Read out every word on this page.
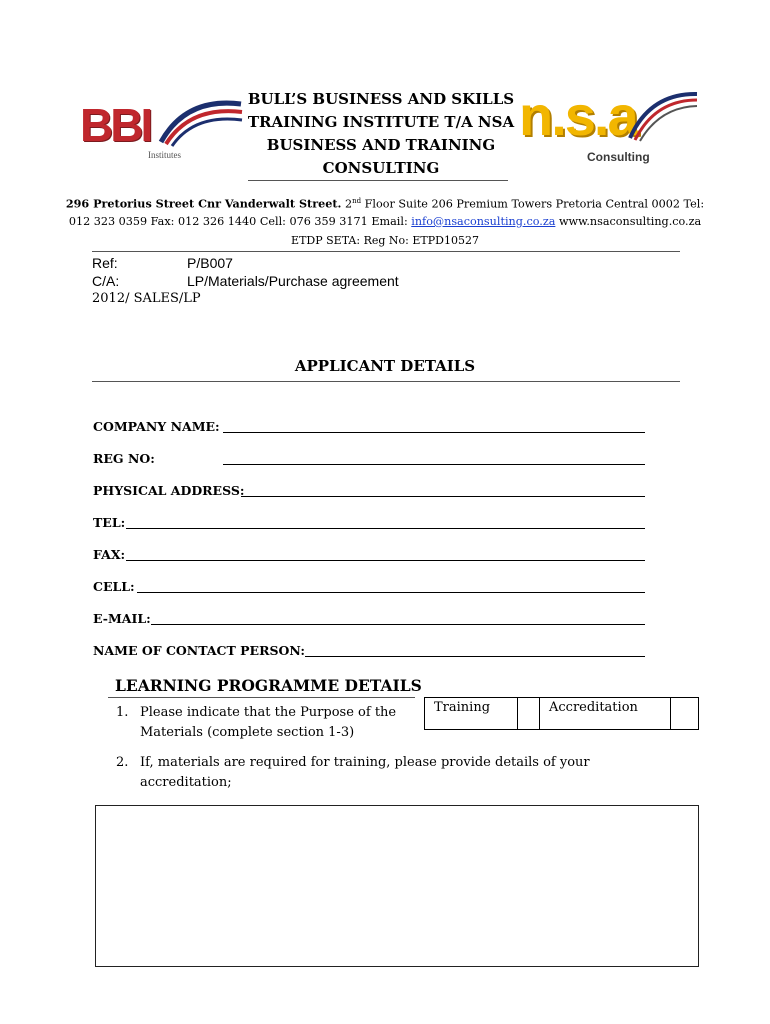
BBI
Institutes
BULL’S BUSINESS AND SKILLS
TRAINING INSTITUTE T/A NSA
BUSINESS AND TRAINING
CONSULTING
n.s.a
Consulting
296 Pretorius Street Cnr Vanderwalt Street. 2nd Floor Suite 206 Premium Towers Pretoria Central 0002 Tel:
012 323 0359 Fax: 012 326 1440 Cell: 076 359 3171 Email: info@nsaconsulting.co.za www.nsaconsulting.co.za
ETDP SETA: Reg No: ETPD10527
Ref:	P/B007
C/A:	LP/Materials/Purchase agreement
2012/ SALES/LP
APPLICANT DETAILS
COMPANY NAME:
REG NO:
PHYSICAL ADDRESS:
TEL:
FAX:
CELL:
E-MAIL:
NAME OF CONTACT PERSON:
LEARNING PROGRAMME DETAILS
1. Please indicate that the Purpose of the
Materials (complete section 1-3)
Training	Accreditation
2. If, materials are required for training, please provide details of your
accreditation;
